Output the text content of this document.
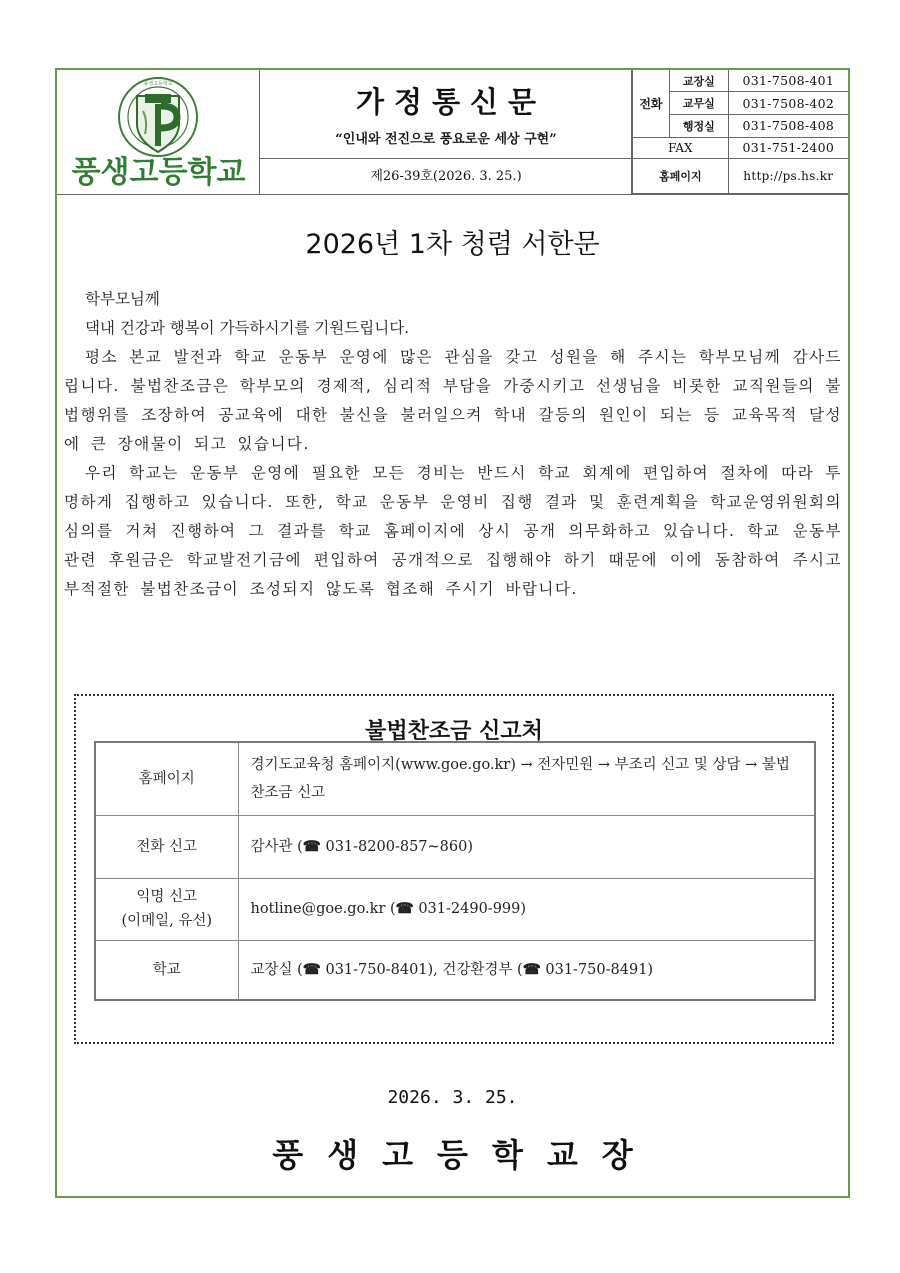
풍생고등학교
풍생고등학교
가정통신문
“인내와 전진으로 풍요로운 세상 구현”
제26-39호(2026. 3. 25.)
전화	교장실	031-7508-401
	교무실	031-7508-402
	행정실	031-7508-408
FAX		031-751-2400
홈페이지		http://ps.hs.kr
2026년 1차 청렴 서한문

학부모님께

댁내 건강과 행복이 가득하시기를 기원드립니다.

평소 본교 발전과 학교 운동부 운영에 많은 관심을 갖고 성원을 해 주시는 학부모님께 감사드립니다. 불법찬조금은 학부모의 경제적, 심리적 부담을 가중시키고 선생님을 비롯한 교직원들의 불법행위를 조장하여 공교육에 대한 불신을 불러일으켜 학내 갈등의 원인이 되는 등 교육목적 달성에 큰 장애물이 되고 있습니다.

우리 학교는 운동부 운영에 필요한 모든 경비는 반드시 학교 회계에 편입하여 절차에 따라 투명하게 집행하고 있습니다. 또한, 학교 운동부 운영비 집행 결과 및 훈련계획을 학교운영위원회의 심의를 거쳐 진행하여 그 결과를 학교 홈페이지에 상시 공개 의무화하고 있습니다. 학교 운동부 관련 후원금은 학교발전기금에 편입하여 공개적으로 집행해야 하기 때문에 이에 동참하여 주시고 부적절한 불법찬조금이 조성되지 않도록 협조해 주시기 바랍니다.

불법찬조금 신고처
홈페이지	경기도교육청 홈페이지(www.goe.go.kr) → 전자민원 → 부조리 신고 및 상담 → 불법찬조금 신고
전화 신고	감사관 (☎ 031-8200-857~860)

익명 신고
(이메일, 유선)	hotline@goe.go.kr (☎ 031-2490-999)
학교	교장실 (☎ 031-750-8401), 건강환경부 (☎ 031-750-8491)
2026. 3. 25.
풍생고등학교장
